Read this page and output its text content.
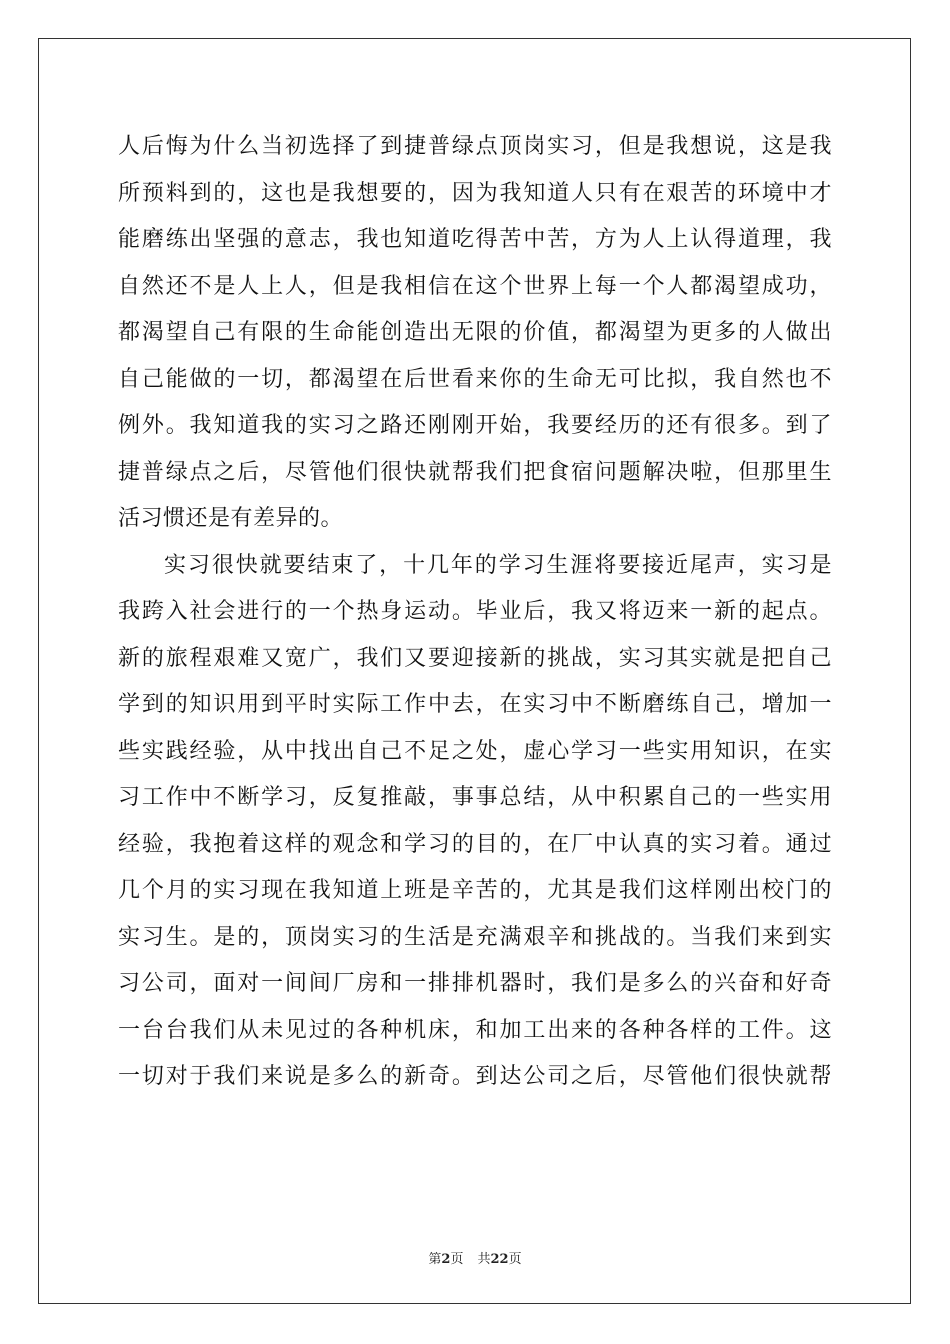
人后悔为什么当初选择了到捷普绿点顶岗实习，但是我想说，这是我
所预料到的，这也是我想要的，因为我知道人只有在艰苦的环境中才
能磨练出坚强的意志，我也知道吃得苦中苦，方为人上认得道理，我
自然还不是人上人，但是我相信在这个世界上每一个人都渴望成功，
都渴望自己有限的生命能创造出无限的价值，都渴望为更多的人做出
自己能做的一切，都渴望在后世看来你的生命无可比拟，我自然也不
例外。我知道我的实习之路还刚刚开始，我要经历的还有很多。到了
捷普绿点之后，尽管他们很快就帮我们把食宿问题解决啦，但那里生
活习惯还是有差异的。
实习很快就要结束了，十几年的学习生涯将要接近尾声，实习是
我跨入社会进行的一个热身运动。毕业后，我又将迈来一新的起点。
新的旅程艰难又宽广，我们又要迎接新的挑战，实习其实就是把自己
学到的知识用到平时实际工作中去，在实习中不断磨练自己，增加一
些实践经验，从中找出自己不足之处，虚心学习一些实用知识，在实
习工作中不断学习，反复推敲，事事总结，从中积累自己的一些实用
经验，我抱着这样的观念和学习的目的，在厂中认真的实习着。通过
几个月的实习现在我知道上班是辛苦的，尤其是我们这样刚出校门的
实习生。是的，顶岗实习的生活是充满艰辛和挑战的。当我们来到实
习公司，面对一间间厂房和一排排机器时，我们是多么的兴奋和好奇
一台台我们从未见过的各种机床，和加工出来的各种各样的工件。这
一切对于我们来说是多么的新奇。到达公司之后，尽管他们很快就帮
第2页 共22页
